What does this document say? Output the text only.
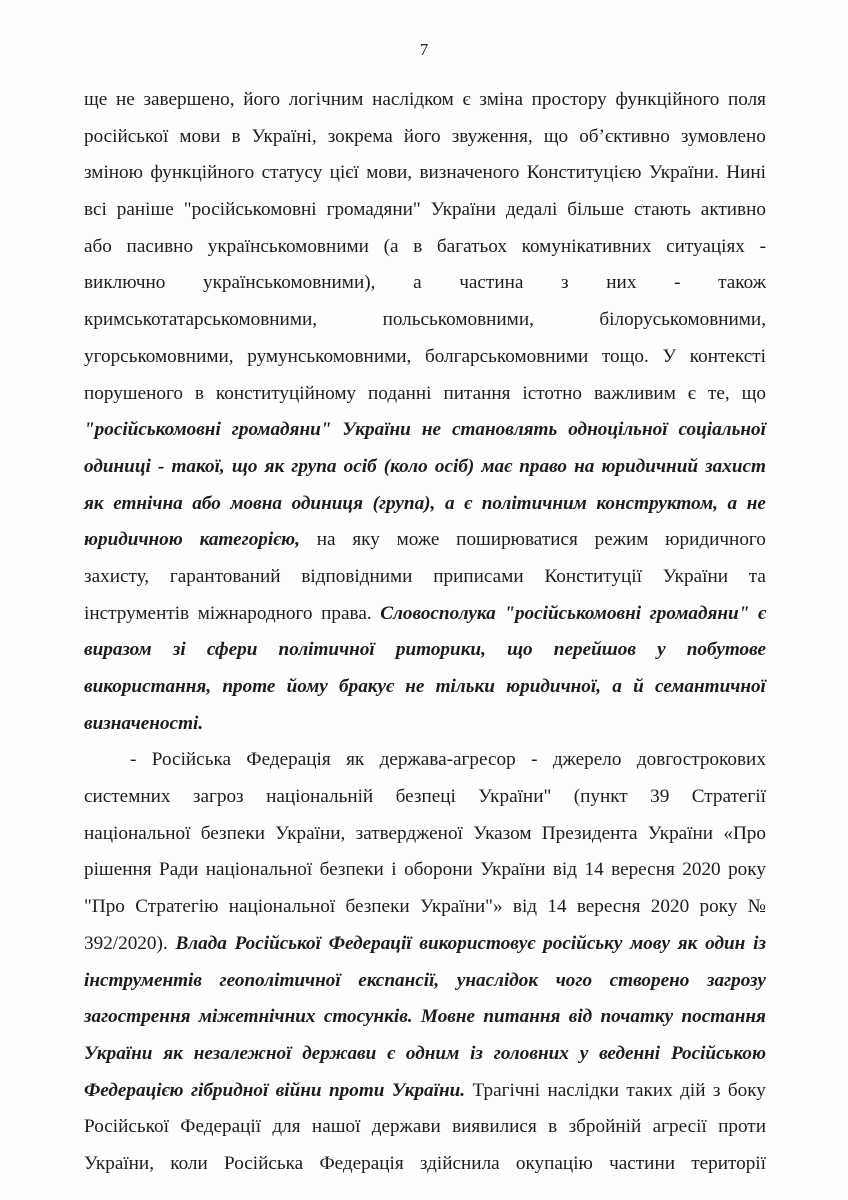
7
ще не завершено, його логічним наслідком є зміна простору функційного поля
російської мови в Україні, зокрема його звуження, що об’єктивно зумовлено
зміною функційного статусу цієї мови, визначеного Конституцією України. Нині
всі раніше "російськомовні громадяни" України дедалі більше стають активно
або пасивно українськомовними (а в багатьох комунікативних ситуаціях -
виключно українськомовними), а частина з них - також
кримськотатарськомовними,	польськомовними,	білоруськомовними,
угорськомовними, румунськомовними, болгарськомовними тощо. У контексті
порушеного в конституційному поданні питання істотно важливим є те, що
"російськомовні громадяни" України не становлять одноцільної соціальної
одиниці - такої, що як група осіб (коло осіб) має право на юридичний захист
як етнічна або мовна одиниця (група), а є політичним конструктом, а не
юридичною категорією, на яку може поширюватися режим юридичного
захисту, гарантований відповідними приписами Конституції України та
інструментів міжнародного права. Словосполука "російськомовні громадяни" є
виразом зі сфери політичної риторики, що перейшов у побутове
використання, проте йому бракує не тільки юридичної, а й семантичної
визначеності.
- Російська Федерація як держава-агресор - джерело довгострокових
системних загроз національній безпеці України" (пункт 39 Стратегії
національної безпеки України, затвердженої Указом Президента України «Про
рішення Ради національної безпеки і оборони України від 14 вересня 2020 року
"Про Стратегію національної безпеки України"» від 14 вересня 2020 року №
392/2020). Влада Російської Федерації використовує російську мову як один із
інструментів геополітичної експансії, унаслідок чого створено загрозу
загострення міжетнічних стосунків. Мовне питання від початку постання
України як незалежної держави є одним із головних у веденні Російською
Федерацією гібридної війни проти України. Трагічні наслідки таких дій з боку
Російської Федерації для нашої держави виявилися в збройній агресії проти
України, коли Російська Федерація здійснила окупацію частини території
